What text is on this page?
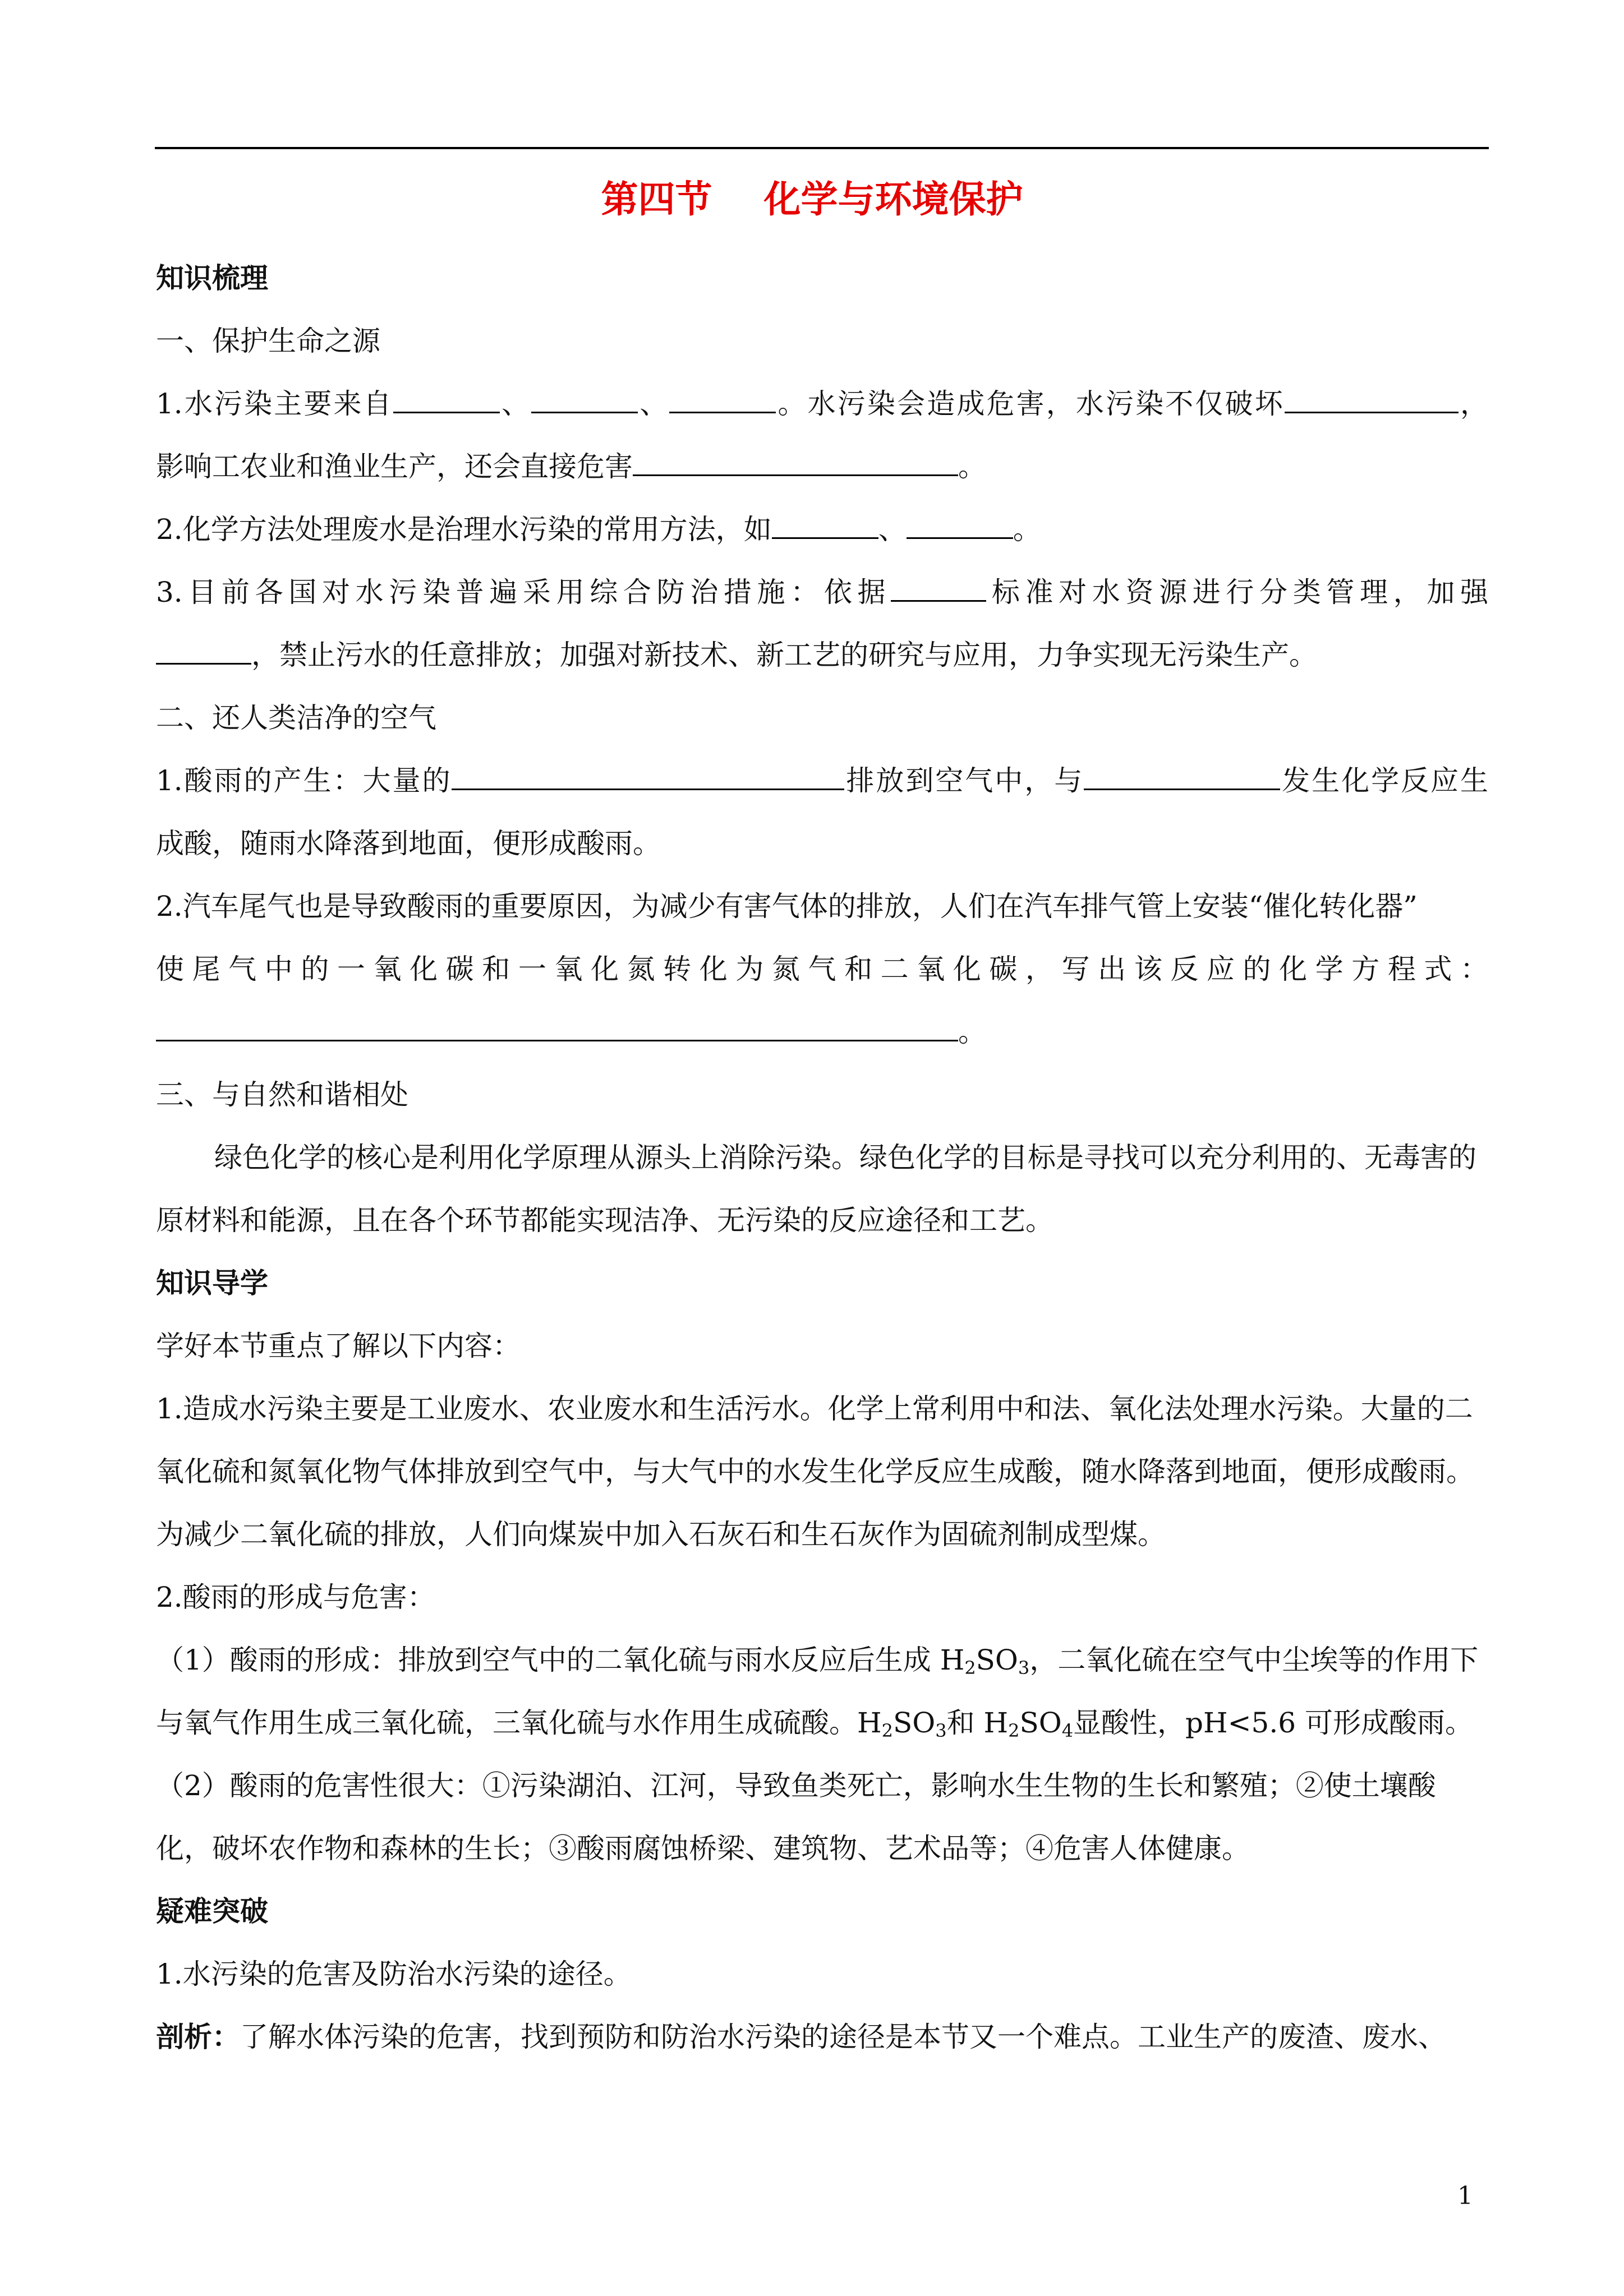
第四节    化学与环境保护

知识梳理

一、保护生命之源

1.水污染主要来自	、	、	。水污染会造成危害，水污染不仅破坏	，

影响工农业和渔业生产，还会直接危害	。

2.化学方法处理废水是治理水污染的常用方法，如	、	。

3.目前各国对水污染普遍采用综合防治措施：依据	标准对水资源进行分类管理，加强

，禁止污水的任意排放；加强对新技术、新工艺的研究与应用，力争实现无污染生产。

二、还人类洁净的空气

1.酸雨的产生：大量的	排放到空气中，与	发生化学反应生

成酸，随雨水降落到地面，便形成酸雨。

2.汽车尾气也是导致酸雨的重要原因，为减少有害气体的排放，人们在汽车排气管上安装“催化转化器”

使尾气中的一氧化碳和一氧化氮转化为氮气和二氧化碳，写出该反应的化学方程式：

。

三、与自然和谐相处

绿色化学的核心是利用化学原理从源头上消除污染。绿色化学的目标是寻找可以充分利用的、无毒害的原材料和能源，且在各个环节都能实现洁净、无污染的反应途径和工艺。

知识导学

学好本节重点了解以下内容：

1.造成水污染主要是工业废水、农业废水和生活污水。化学上常利用中和法、氧化法处理水污染。大量的二氧化硫和氮氧化物气体排放到空气中，与大气中的水发生化学反应生成酸，随水降落到地面，便形成酸雨。为减少二氧化硫的排放，人们向煤炭中加入石灰石和生石灰作为固硫剂制成型煤。

2.酸雨的形成与危害：

（1）酸雨的形成：排放到空气中的二氧化硫与雨水反应后生成 $H_2SO_3$，二氧化硫在空气中尘埃等的作用下与氧气作用生成三氧化硫，三氧化硫与水作用生成硫酸。$H_2SO_3$和 $H_2SO_4$显酸性，pH<5.6 可形成酸雨。

（2）酸雨的危害性很大：①污染湖泊、江河，导致鱼类死亡，影响水生生物的生长和繁殖；②使土壤酸化，破坏农作物和森林的生长；③酸雨腐蚀桥梁、建筑物、艺术品等；④危害人体健康。

疑难突破

1.水污染的危害及防治水污染的途径。

剖析：了解水体污染的危害，找到预防和防治水污染的途径是本节又一个难点。工业生产的废渣、废水、

1
